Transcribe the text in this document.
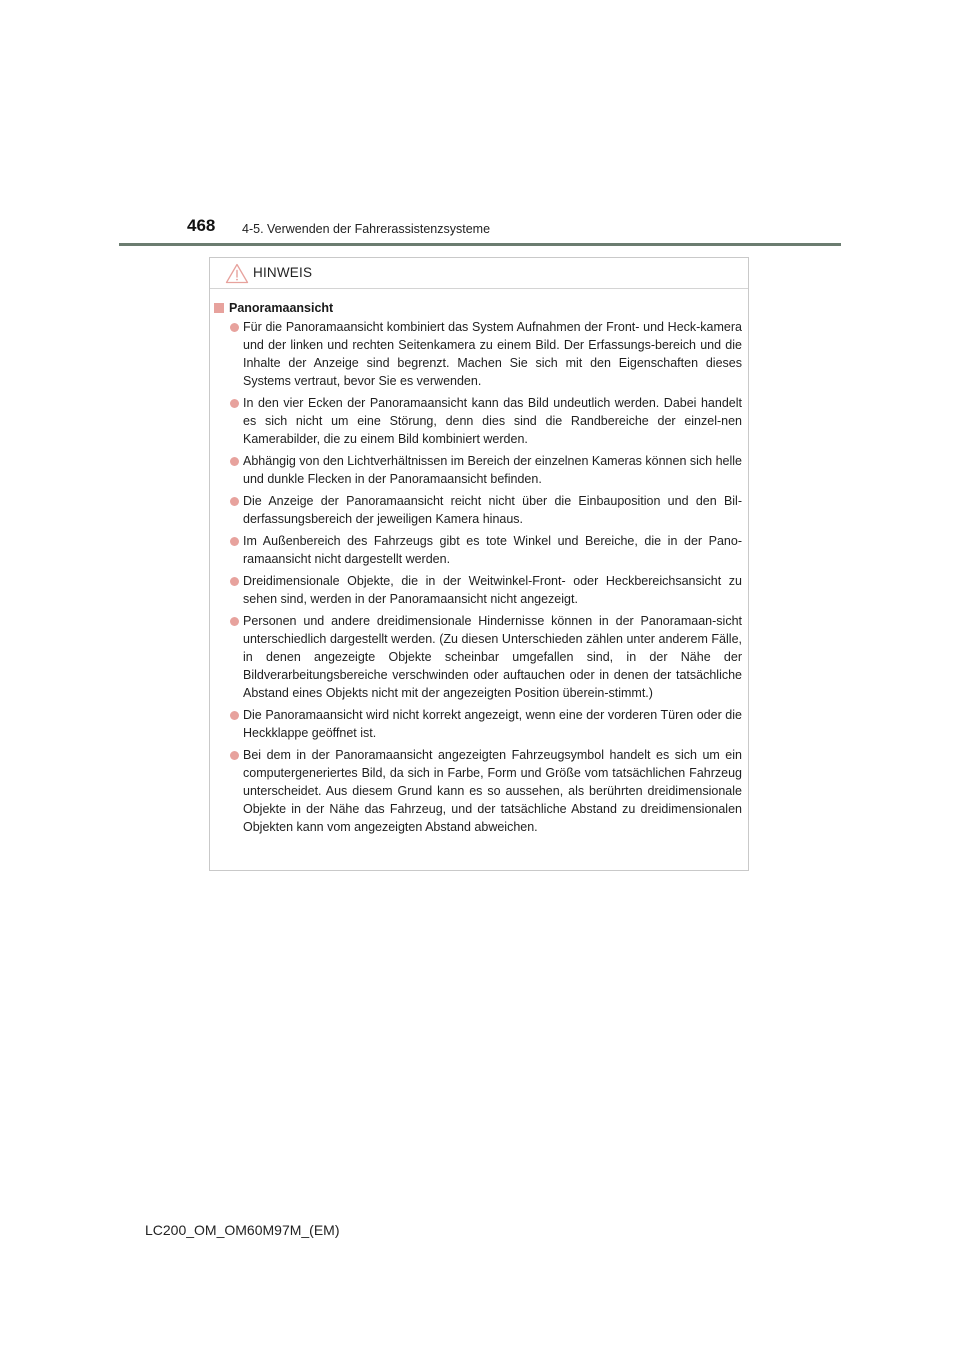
468 4-5. Verwenden der Fahrerassistenzsysteme
HINWEIS
Panoramaansicht
Für die Panoramaansicht kombiniert das System Aufnahmen der Front- und Heck-kamera und der linken und rechten Seitenkamera zu einem Bild. Der Erfassungs-bereich und die Inhalte der Anzeige sind begrenzt. Machen Sie sich mit den Eigenschaften dieses Systems vertraut, bevor Sie es verwenden.
In den vier Ecken der Panoramaansicht kann das Bild undeutlich werden. Dabei handelt es sich nicht um eine Störung, denn dies sind die Randbereiche der einzel-nen Kamerabilder, die zu einem Bild kombiniert werden.
Abhängig von den Lichtverhältnissen im Bereich der einzelnen Kameras können sich helle und dunkle Flecken in der Panoramaansicht befinden.
Die Anzeige der Panoramaansicht reicht nicht über die Einbauposition und den Bil-derfassungsbereich der jeweiligen Kamera hinaus.
Im Außenbereich des Fahrzeugs gibt es tote Winkel und Bereiche, die in der Pano-ramaansicht nicht dargestellt werden.
Dreidimensionale Objekte, die in der Weitwinkel-Front- oder Heckbereichsansicht zu sehen sind, werden in der Panoramaansicht nicht angezeigt.
Personen und andere dreidimensionale Hindernisse können in der Panoramaan-sicht unterschiedlich dargestellt werden. (Zu diesen Unterschieden zählen unter anderem Fälle, in denen angezeigte Objekte scheinbar umgefallen sind, in der Nähe der Bildverarbeitungsbereiche verschwinden oder auftauchen oder in denen der tatsächliche Abstand eines Objekts nicht mit der angezeigten Position überein-stimmt.)
Die Panoramaansicht wird nicht korrekt angezeigt, wenn eine der vorderen Türen oder die Heckklappe geöffnet ist.
Bei dem in der Panoramaansicht angezeigten Fahrzeugsymbol handelt es sich um ein computergeneriertes Bild, da sich in Farbe, Form und Größe vom tatsächlichen Fahrzeug unterscheidet. Aus diesem Grund kann es so aussehen, als berührten dreidimensionale Objekte in der Nähe das Fahrzeug, und der tatsächliche Abstand zu dreidimensionalen Objekten kann vom angezeigten Abstand abweichen.
LC200_OM_OM60M97M_(EM)
